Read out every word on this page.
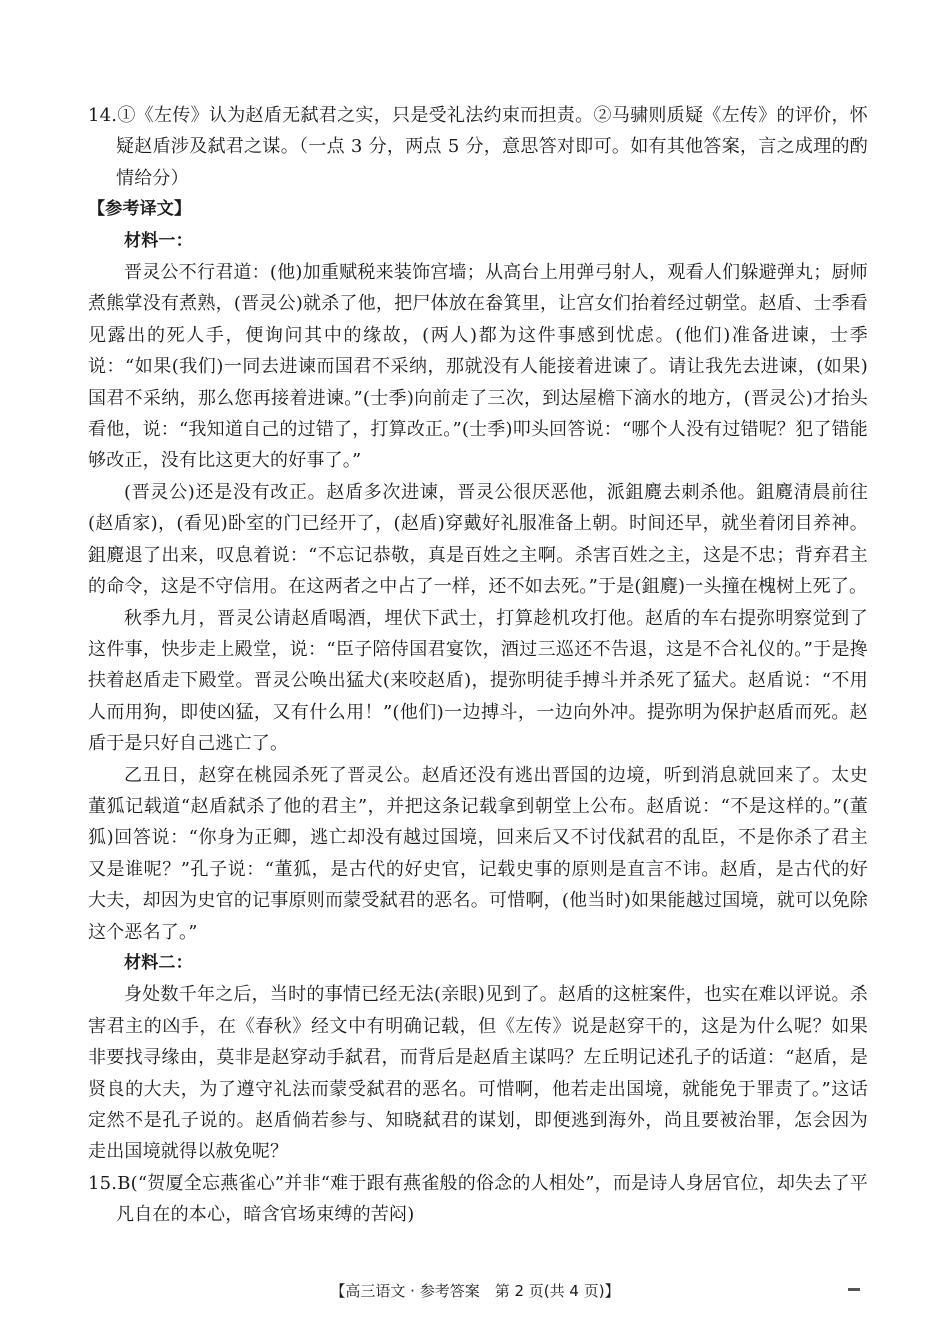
14.①《左传》认为赵盾无弑君之实，只是受礼法约束而担责。②马骕则质疑《左传》的评价，怀疑赵盾涉及弑君之谋。（一点 3 分，两点 5 分，意思答对即可。如有其他答案，言之成理的酌情给分）

【参考译文】

材料一：

晋灵公不行君道：(他)加重赋税来装饰宫墙；从高台上用弹弓射人，观看人们躲避弹丸；厨师煮熊掌没有煮熟，(晋灵公)就杀了他，把尸体放在畚箕里，让宫女们抬着经过朝堂。赵盾、士季看见露出的死人手，便询问其中的缘故，(两人)都为这件事感到忧虑。(他们)准备进谏，士季说：“如果(我们)一同去进谏而国君不采纳，那就没有人能接着进谏了。请让我先去进谏，(如果)国君不采纳，那么您再接着进谏。”(士季)向前走了三次，到达屋檐下滴水的地方，(晋灵公)才抬头看他，说：“我知道自己的过错了，打算改正。”(士季)叩头回答说：“哪个人没有过错呢？犯了错能够改正，没有比这更大的好事了。”

(晋灵公)还是没有改正。赵盾多次进谏，晋灵公很厌恶他，派鉏麑去刺杀他。鉏麑清晨前往(赵盾家)，(看见)卧室的门已经开了，(赵盾)穿戴好礼服准备上朝。时间还早，就坐着闭目养神。鉏麑退了出来，叹息着说：“不忘记恭敬，真是百姓之主啊。杀害百姓之主，这是不忠；背弃君主的命令，这是不守信用。在这两者之中占了一样，还不如去死。”于是(鉏麑)一头撞在槐树上死了。

秋季九月，晋灵公请赵盾喝酒，埋伏下武士，打算趁机攻打他。赵盾的车右提弥明察觉到了这件事，快步走上殿堂，说：“臣子陪侍国君宴饮，酒过三巡还不告退，这是不合礼仪的。”于是搀扶着赵盾走下殿堂。晋灵公唤出猛犬(来咬赵盾)，提弥明徒手搏斗并杀死了猛犬。赵盾说：“不用人而用狗，即使凶猛，又有什么用！”(他们)一边搏斗，一边向外冲。提弥明为保护赵盾而死。赵盾于是只好自己逃亡了。

乙丑日，赵穿在桃园杀死了晋灵公。赵盾还没有逃出晋国的边境，听到消息就回来了。太史董狐记载道“赵盾弑杀了他的君主”，并把这条记载拿到朝堂上公布。赵盾说：“不是这样的。”(董狐)回答说：“你身为正卿，逃亡却没有越过国境，回来后又不讨伐弑君的乱臣，不是你杀了君主又是谁呢？”孔子说：“董狐，是古代的好史官，记载史事的原则是直言不讳。赵盾，是古代的好大夫，却因为史官的记事原则而蒙受弑君的恶名。可惜啊，(他当时)如果能越过国境，就可以免除这个恶名了。”

材料二：

身处数千年之后，当时的事情已经无法(亲眼)见到了。赵盾的这桩案件，也实在难以评说。杀害君主的凶手，在《春秋》经文中有明确记载，但《左传》说是赵穿干的，这是为什么呢？如果非要找寻缘由，莫非是赵穿动手弑君，而背后是赵盾主谋吗？左丘明记述孔子的话道：“赵盾，是贤良的大夫，为了遵守礼法而蒙受弑君的恶名。可惜啊，他若走出国境，就能免于罪责了。”这话定然不是孔子说的。赵盾倘若参与、知晓弑君的谋划，即便逃到海外，尚且要被治罪，怎会因为走出国境就得以赦免呢？

15.B(“贺厦全忘燕雀心”并非“难于跟有燕雀般的俗念的人相处”，而是诗人身居官位，却失去了平凡自在的本心，暗含官场束缚的苦闷)

【高三语文 · 参考答案　第 2 页(共 4 页)】
